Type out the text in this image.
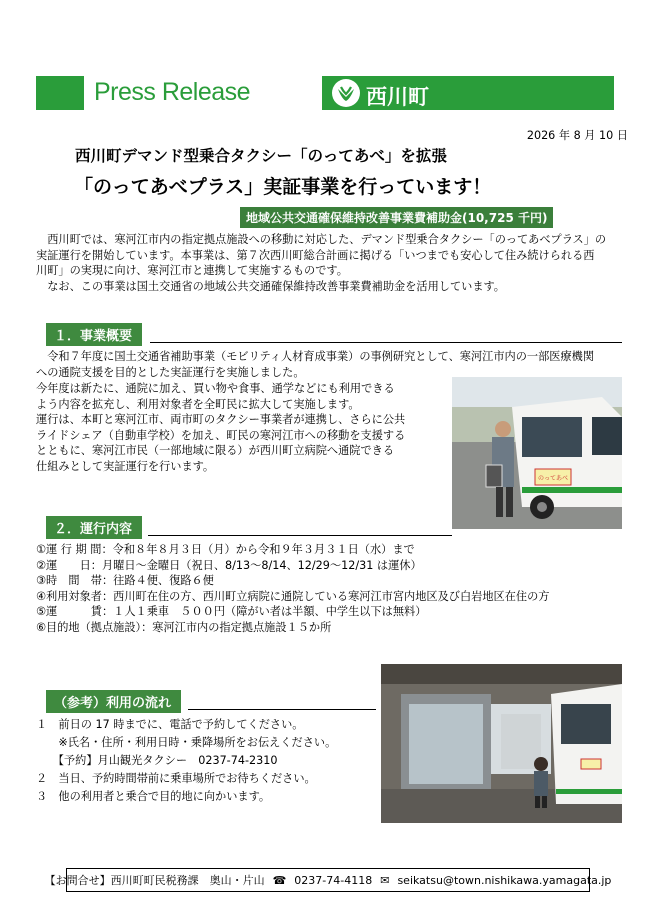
Press Release	西川町
2026 年 8 月 10 日
西川町デマンド型乗合タクシー「のってあべ」を拡張
「のってあべプラス」実証事業を行っています！
地域公共交通確保維持改善事業費補助金(10,725 千円)
　西川町では、寒河江市内の指定拠点施設への移動に対応した、デマンド型乗合タクシー「のってあべプラス」の
実証運行を開始しています。本事業は、第７次西川町総合計画に掲げる「いつまでも安心して住み続けられる西
川町」の実現に向け、寒河江市と連携して実施するものです。
　なお、この事業は国土交通省の地域公共交通確保維持改善事業費補助金を活用しています。
１．事業概要
　令和７年度に国土交通省補助事業（モビリティ人材育成事業）の事例研究として、寒河江市内の一部医療機関
への通院支援を目的とした実証運行を実施しました。
今年度は新たに、通院に加え、買い物や食事、通学などにも利用できる
よう内容を拡充し、利用対象者を全町民に拡大して実施します。
運行は、本町と寒河江市、両市町のタクシー事業者が連携し、さらに公共
ライドシェア（自動車学校）を加え、町民の寒河江市への移動を支援する
とともに、寒河江市民（一部地域に限る）が西川町立病院へ通院できる
仕組みとして実証運行を行います。
のってあべ
２．運行内容
①運 行 期 間：令和８年８月３日（月）から令和９年３月３１日（水）まで
②運　　日：月曜日～金曜日（祝日、8/13～8/14、12/29～12/31 は運休）
③時　間　帯：往路４便、復路６便
④利用対象者：西川町在住の方、西川町立病院に通院している寒河江市宮内地区及び白岩地区在住の方
⑤運　　　賃：１人１乗車　５００円（障がい者は半額、中学生以下は無料）
⑥目的地（拠点施設）：寒河江市内の指定拠点施設１５か所
（参考）利用の流れ
１　前日の 17 時までに、電話で予約してください。
　　※氏名・住所・利用日時・乗降場所をお伝えください。
　　【予約】月山観光タクシー　0237-74-2310
２　当日、予約時間帯前に乗車場所でお待ちください。
３　他の利用者と乗合で目的地に向かいます。
【お問合せ】西川町町民税務課　奥山・片山 ☎ 0237-74-4118 ✉ seikatsu@town.nishikawa.yamagata.jp
